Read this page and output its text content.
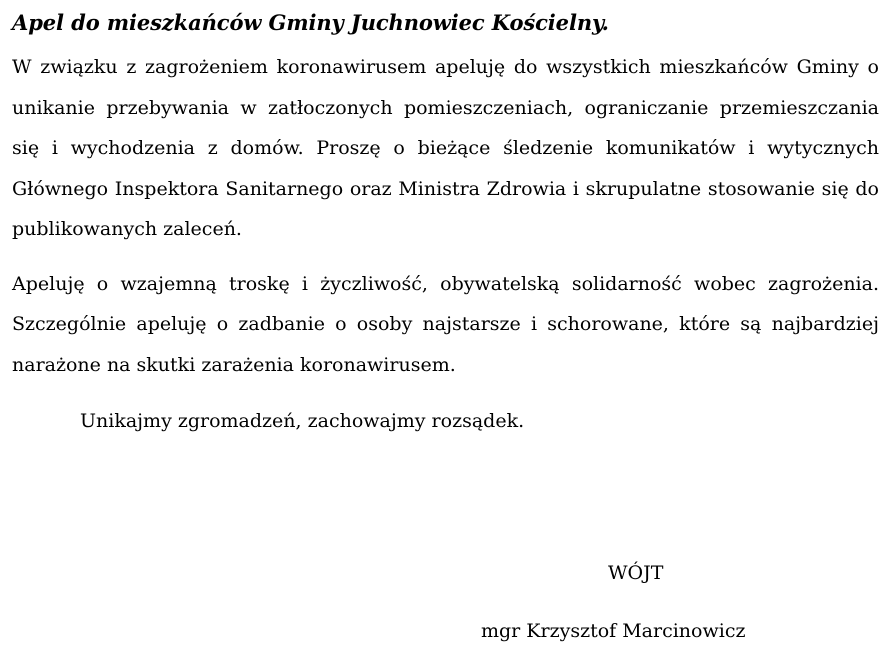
Apel do mieszkańców Gminy Juchnowiec Kościelny.

W związku z zagrożeniem koronawirusem apeluję do wszystkich mieszkańców Gminy o unikanie przebywania w zatłoczonych pomieszczeniach, ograniczanie przemieszczania się i wychodzenia z domów. Proszę o bieżące śledzenie komunikatów i wytycznych Głównego Inspektora Sanitarnego oraz Ministra Zdrowia i skrupulatne stosowanie się do publikowanych zaleceń.

Apeluję o wzajemną troskę i życzliwość, obywatelską solidarność wobec zagrożenia. Szczególnie apeluję o zadbanie o osoby najstarsze i schorowane, które są najbardziej narażone na skutki zarażenia koronawirusem.

Unikajmy zgromadzeń, zachowajmy rozsądek.

WÓJT
mgr Krzysztof Marcinowicz
